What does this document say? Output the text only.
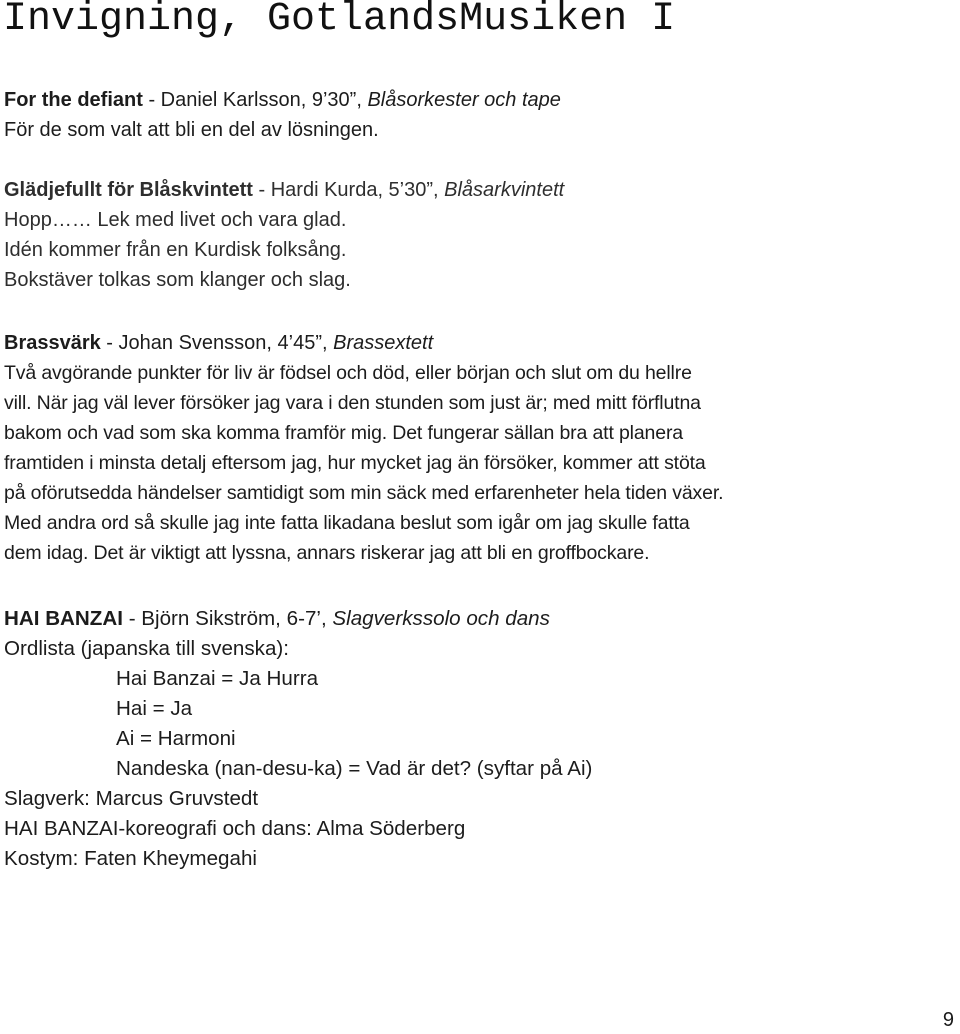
Invigning, GotlandsMusiken I
For the defiant - Daniel Karlsson, 9’30”, Blåsorkester och tape
För de som valt att bli en del av lösningen.
Glädjefullt för Blåskvintett - Hardi Kurda, 5’30”, Blåsarkvintett
Hopp…… Lek med livet och vara glad.
Idén kommer från en Kurdisk folksång.
Bokstäver tolkas som klanger och slag.
Brassvärk - Johan Svensson, 4’45”, Brassextett
Två avgörande punkter för liv är födsel och död, eller början och slut om du hellre
vill. När jag väl lever försöker jag vara i den stunden som just är; med mitt förflutna
bakom och vad som ska komma framför mig. Det fungerar sällan bra att planera
framtiden i minsta detalj eftersom jag, hur mycket jag än försöker, kommer att stöta
på oförutsedda händelser samtidigt som min säck med erfarenheter hela tiden växer.
Med andra ord så skulle jag inte fatta likadana beslut som igår om jag skulle fatta
dem idag. Det är viktigt att lyssna, annars riskerar jag att bli en groffbockare.
HAI BANZAI - Björn Sikström, 6-7’, Slagverkssolo och dans
Ordlista (japanska till svenska):
Hai Banzai = Ja Hurra
Hai = Ja
Ai = Harmoni
Nandeska (nan-desu-ka) = Vad är det? (syftar på Ai)
Slagverk: Marcus Gruvstedt
HAI BANZAI-koreografi och dans: Alma Söderberg
Kostym: Faten Kheymegahi
9
